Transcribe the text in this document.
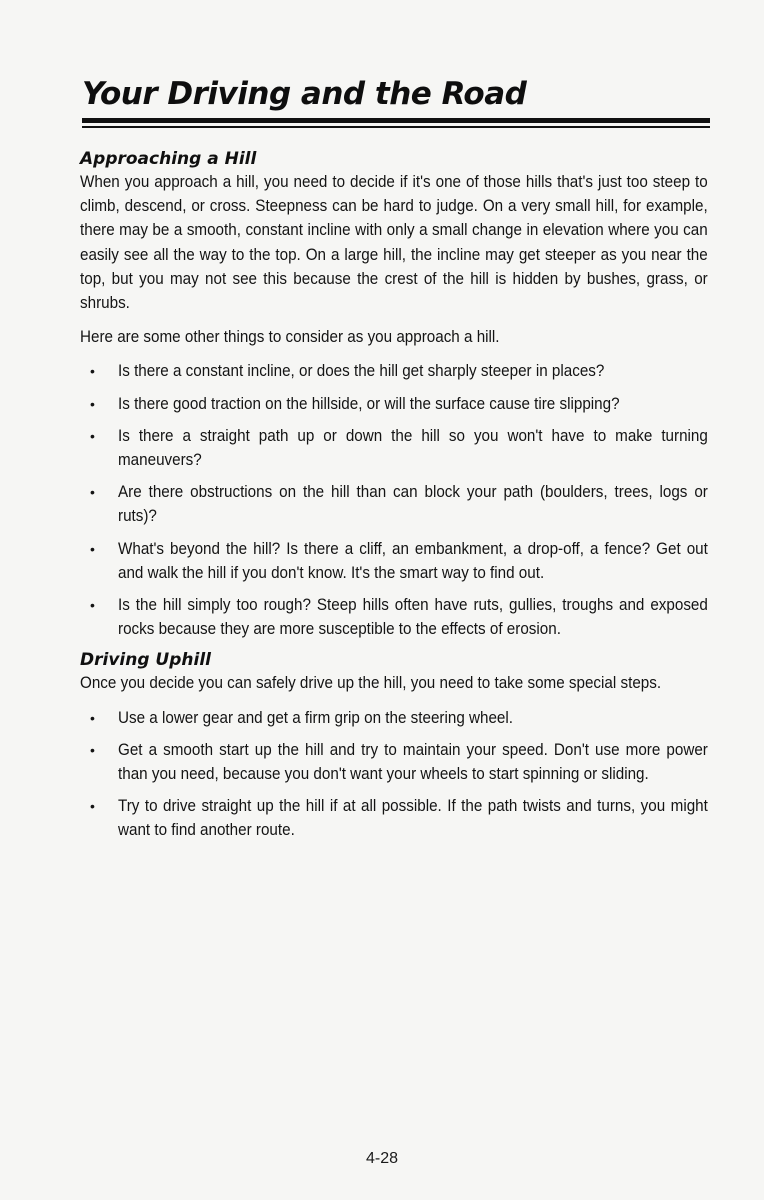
Your Driving and the Road
Approaching a Hill

When you approach a hill, you need to decide if it's one of those hills that's just too steep to climb, descend, or cross. Steepness can be hard to judge. On a very small hill, for example, there may be a smooth, constant incline with only a small change in elevation where you can easily see all the way to the top. On a large hill, the incline may get steeper as you near the top, but you may not see this because the crest of the hill is hidden by bushes, grass, or shrubs.

Here are some other things to consider as you approach a hill.

• Is there a constant incline, or does the hill get sharply steeper in places?
• Is there good traction on the hillside, or will the surface cause tire slipping?
• Is there a straight path up or down the hill so you won't have to make turning maneuvers?
• Are there obstructions on the hill than can block your path (boulders, trees, logs or ruts)?
• What's beyond the hill? Is there a cliff, an embankment, a drop-off, a fence? Get out and walk the hill if you don't know. It's the smart way to find out.
• Is the hill simply too rough? Steep hills often have ruts, gullies, troughs and exposed rocks because they are more susceptible to the effects of erosion.
Driving Uphill

Once you decide you can safely drive up the hill, you need to take some special steps.

• Use a lower gear and get a firm grip on the steering wheel.
• Get a smooth start up the hill and try to maintain your speed. Don't use more power than you need, because you don't want your wheels to start spinning or sliding.
• Try to drive straight up the hill if at all possible. If the path twists and turns, you might want to find another route.
4-28
